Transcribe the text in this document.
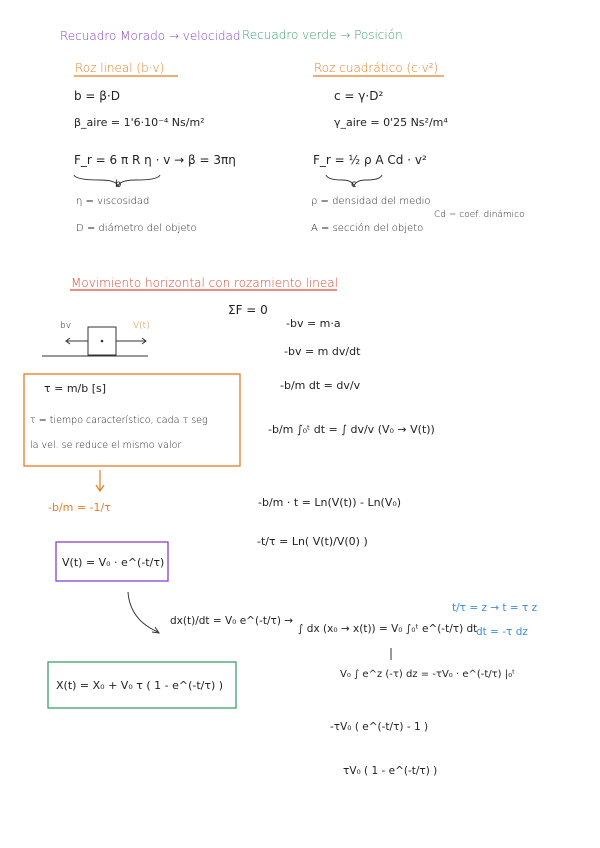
Recuadro Morado → velocidad Recuadro verde → Posición
Roz lineal (b·v)
b = β·D
β_aire = 1'6·10⁻⁴ Ns/m²
F_r = 6 π R η · v → β = 3πη
b
η = viscosidad
D = diámetro del objeto
Roz cuadrático (c·v²)
c = γ·D²
γ_aire = 0'25 Ns²/m⁴
F_r = ½ ρ A Cd · v²
c
ρ = densidad del medio
A = sección del objeto
Cd = coef. dinámico
Movimiento horizontal con rozamiento lineal
ΣF = 0
bv	V(t)	-bv = m·a
-bv = m dv/dt
-b/m dt = dv/v
-b/m ∫₀ᵗ dt = ∫ dv/v (V₀ → V(t))
-b/m · t = Ln(V(t)) - Ln(V₀)
-t/τ = Ln( V(t)/V(0) )
τ = m/b [s]
τ = tiempo característico, cada τ seg
la vel. se reduce el mismo valor
-b/m = -1/τ
V(t) = V₀ · e^(-t/τ)
dx(t)/dt = V₀ e^(-t/τ) →
∫ dx (x₀ → x(t)) = V₀ ∫₀ᵗ e^(-t/τ) dt
V₀ ∫ e^z (-τ) dz = -τV₀ · e^(-t/τ) |₀ᵗ
-τV₀ ( e^(-t/τ) - 1 )
τV₀ ( 1 - e^(-t/τ) )
t/τ = z → t = τ z
dt = -τ dz
X(t) = X₀ + V₀ τ ( 1 - e^(-t/τ) )
